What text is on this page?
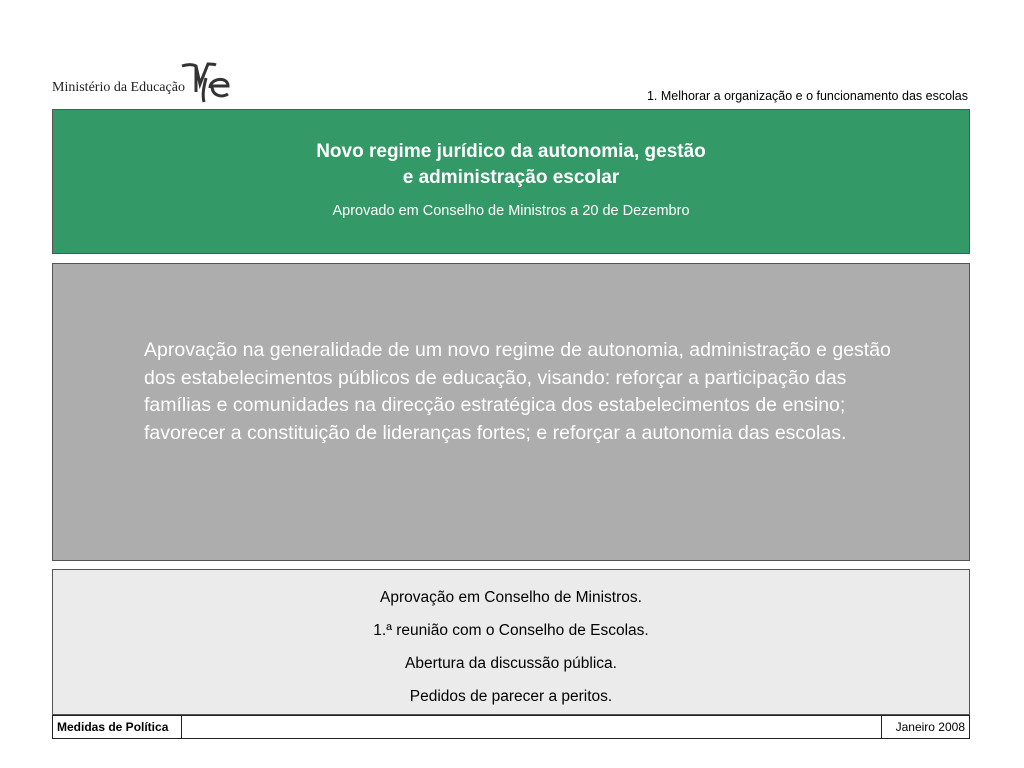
Ministério da Educação
1. Melhorar a organização e o funcionamento das escolas
Novo regime jurídico da autonomia, gestão
e administração escolar
Aprovado em Conselho de Ministros a 20 de Dezembro
Aprovação na generalidade de um novo regime de autonomia, administração e gestão dos estabelecimentos públicos de educação, visando: reforçar a participação das famílias e comunidades na direcção estratégica dos estabelecimentos de ensino; favorecer a constituição de lideranças fortes; e reforçar a autonomia das escolas.
Aprovação em Conselho de Ministros.
1.ª reunião com o Conselho de Escolas.
Abertura da discussão pública.
Pedidos de parecer a peritos.
Medidas de Política	Janeiro 2008
